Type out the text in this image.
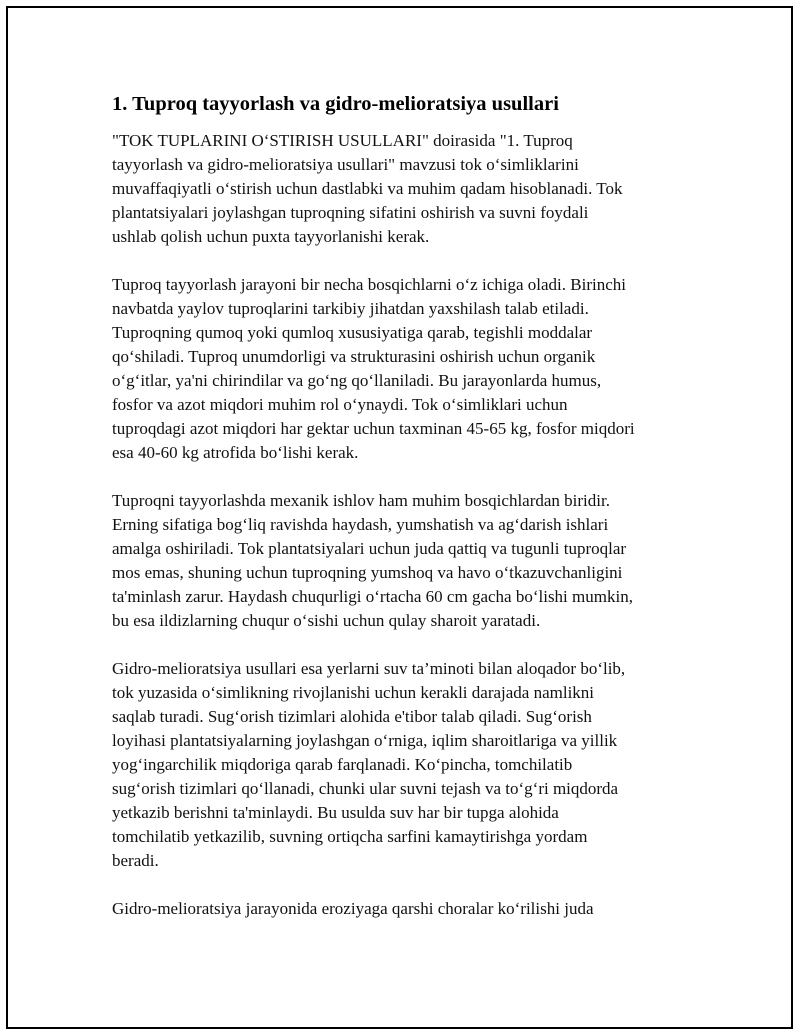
1. Tuproq tayyorlash va gidro-melioratsiya usullari

"TOK TUPLARINI O‘STIRISH USULLARI" doirasida "1. Tuproq
tayyorlash va gidro-melioratsiya usullari" mavzusi tok o‘simliklarini
muvaffaqiyatli o‘stirish uchun dastlabki va muhim qadam hisoblanadi. Tok
plantatsiyalari joylashgan tuproqning sifatini oshirish va suvni foydali
ushlab qolish uchun puxta tayyorlanishi kerak.

Tuproq tayyorlash jarayoni bir necha bosqichlarni o‘z ichiga oladi. Birinchi
navbatda yaylov tuproqlarini tarkibiy jihatdan yaxshilash talab etiladi.
Tuproqning qumoq yoki qumloq xususiyatiga qarab, tegishli moddalar
qo‘shiladi. Tuproq unumdorligi va strukturasini oshirish uchun organik
o‘g‘itlar, ya'ni chirindilar va go‘ng qo‘llaniladi. Bu jarayonlarda humus,
fosfor va azot miqdori muhim rol o‘ynaydi. Tok o‘simliklari uchun
tuproqdagi azot miqdori har gektar uchun taxminan 45-65 kg, fosfor miqdori
esa 40-60 kg atrofida bo‘lishi kerak.

Tuproqni tayyorlashda mexanik ishlov ham muhim bosqichlardan biridir.
Erning sifatiga bog‘liq ravishda haydash, yumshatish va ag‘darish ishlari
amalga oshiriladi. Tok plantatsiyalari uchun juda qattiq va tugunli tuproqlar
mos emas, shuning uchun tuproqning yumshoq va havo o‘tkazuvchanligini
ta'minlash zarur. Haydash chuqurligi o‘rtacha 60 cm gacha bo‘lishi mumkin,
bu esa ildizlarning chuqur o‘sishi uchun qulay sharoit yaratadi.

Gidro-melioratsiya usullari esa yerlarni suv ta’minoti bilan aloqador bo‘lib,
tok yuzasida o‘simlikning rivojlanishi uchun kerakli darajada namlikni
saqlab turadi. Sug‘orish tizimlari alohida e'tibor talab qiladi. Sug‘orish
loyihasi plantatsiyalarning joylashgan o‘rniga, iqlim sharoitlariga va yillik
yog‘ingarchilik miqdoriga qarab farqlanadi. Ko‘pincha, tomchilatib
sug‘orish tizimlari qo‘llanadi, chunki ular suvni tejash va to‘g‘ri miqdorda
yetkazib berishni ta'minlaydi. Bu usulda suv har bir tupga alohida
tomchilatib yetkazilib, suvning ortiqcha sarfini kamaytirishga yordam
beradi.

Gidro-melioratsiya jarayonida eroziyaga qarshi choralar ko‘rilishi juda
